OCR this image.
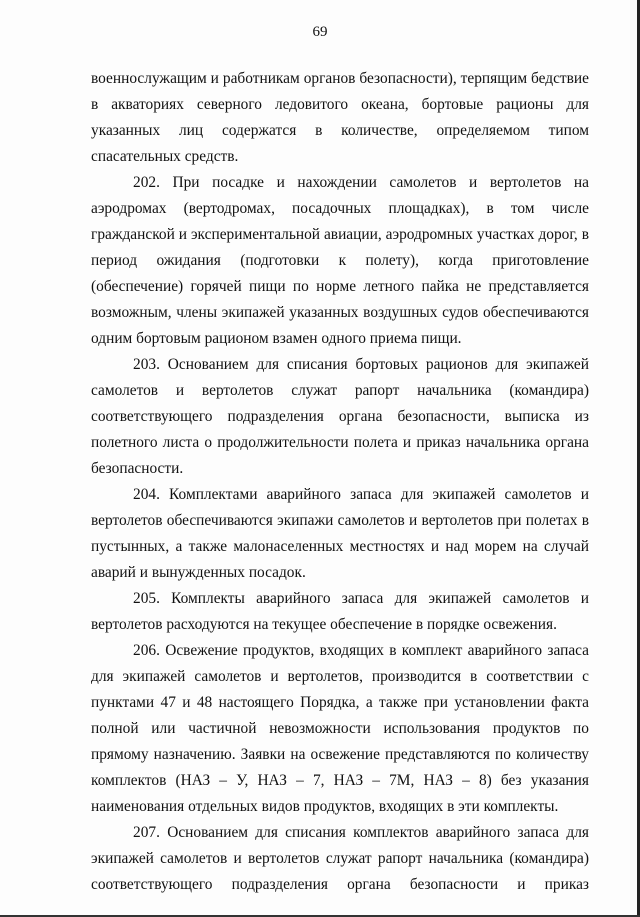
69

военнослужащим и работникам органов безопасности), терпящим бедствие в акваториях северного ледовитого океана, бортовые рационы для указанных лиц содержатся в количестве, определяемом типом спасательных средств.

202. При посадке и нахождении самолетов и вертолетов на аэродромах (вертодромах, посадочных площадках), в том числе гражданской и экспериментальной авиации, аэродромных участках дорог, в период ожидания (подготовки к полету), когда приготовление (обеспечение) горячей пищи по норме летного пайка не представляется возможным, члены экипажей указанных воздушных судов обеспечиваются одним бортовым рационом взамен одного приема пищи.

203. Основанием для списания бортовых рационов для экипажей самолетов и вертолетов служат рапорт начальника (командира) соответствующего подразделения органа безопасности, выписка из полетного листа о продолжительности полета и приказ начальника органа безопасности.

204. Комплектами аварийного запаса для экипажей самолетов и вертолетов обеспечиваются экипажи самолетов и вертолетов при полетах в пустынных, а также малонаселенных местностях и над морем на случай аварий и вынужденных посадок.

205. Комплекты аварийного запаса для экипажей самолетов и вертолетов расходуются на текущее обеспечение в порядке освежения.

206. Освежение продуктов, входящих в комплект аварийного запаса для экипажей самолетов и вертолетов, производится в соответствии с пунктами 47 и 48 настоящего Порядка, а также при установлении факта полной или частичной невозможности использования продуктов по прямому назначению. Заявки на освежение представляются по количеству комплектов (НАЗ – У, НАЗ – 7, НАЗ – 7М, НАЗ – 8) без указания наименования отдельных видов продуктов, входящих в эти комплекты.

207. Основанием для списания комплектов аварийного запаса для экипажей самолетов и вертолетов служат рапорт начальника (командира) соответствующего подразделения органа безопасности и приказ
